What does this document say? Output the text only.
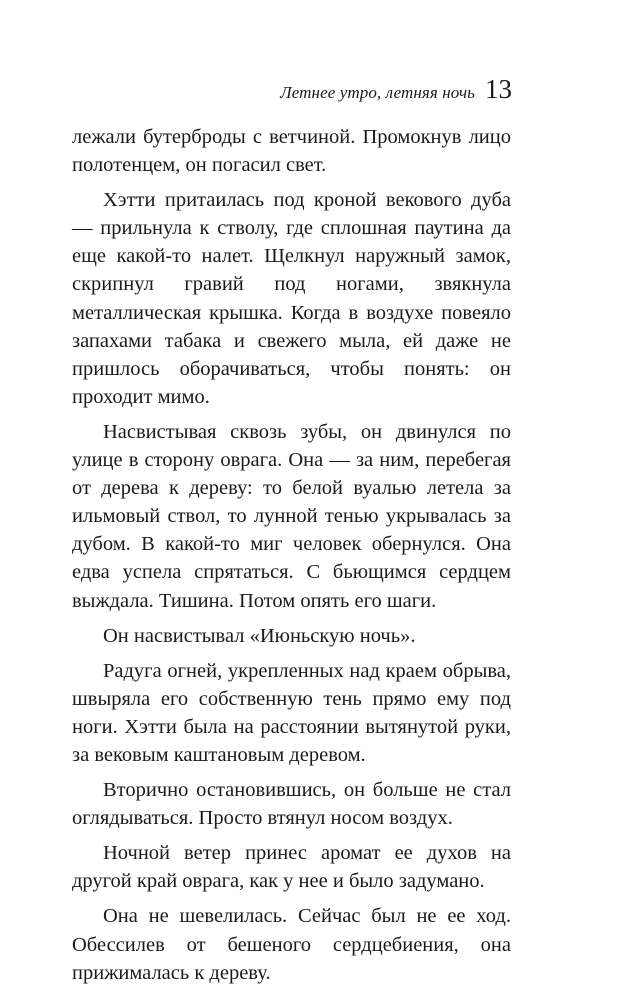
Летнее утро, летняя ночь 13

лежали бутерброды с ветчиной. Промокнув лицо полотенцем, он погасил свет.

Хэтти притаилась под кроной векового дуба — прильнула к стволу, где сплошная паутина да еще какой-то налет. Щелкнул наружный замок, скрипнул гравий под ногами, звякнула металлическая крышка. Когда в воздухе повеяло запахами табака и свежего мыла, ей даже не пришлось оборачиваться, чтобы понять: он проходит мимо.

Насвистывая сквозь зубы, он двинулся по улице в сторону оврага. Она — за ним, перебегая от дерева к дереву: то белой вуалью летела за ильмовый ствол, то лунной тенью укрывалась за дубом. В какой-то миг человек обернулся. Она едва успела спрятаться. С бьющимся сердцем выждала. Тишина. Потом опять его шаги.

Он насвистывал «Июньскую ночь».

Радуга огней, укрепленных над краем обрыва, швыряла его собственную тень прямо ему под ноги. Хэтти была на расстоянии вытянутой руки, за вековым каштановым деревом.

Вторично остановившись, он больше не стал оглядываться. Просто втянул носом воздух.

Ночной ветер принес аромат ее духов на другой край оврага, как у нее и было задумано.

Она не шевелилась. Сейчас был не ее ход. Обессилев от бешеного сердцебиения, она прижималась к дереву.
